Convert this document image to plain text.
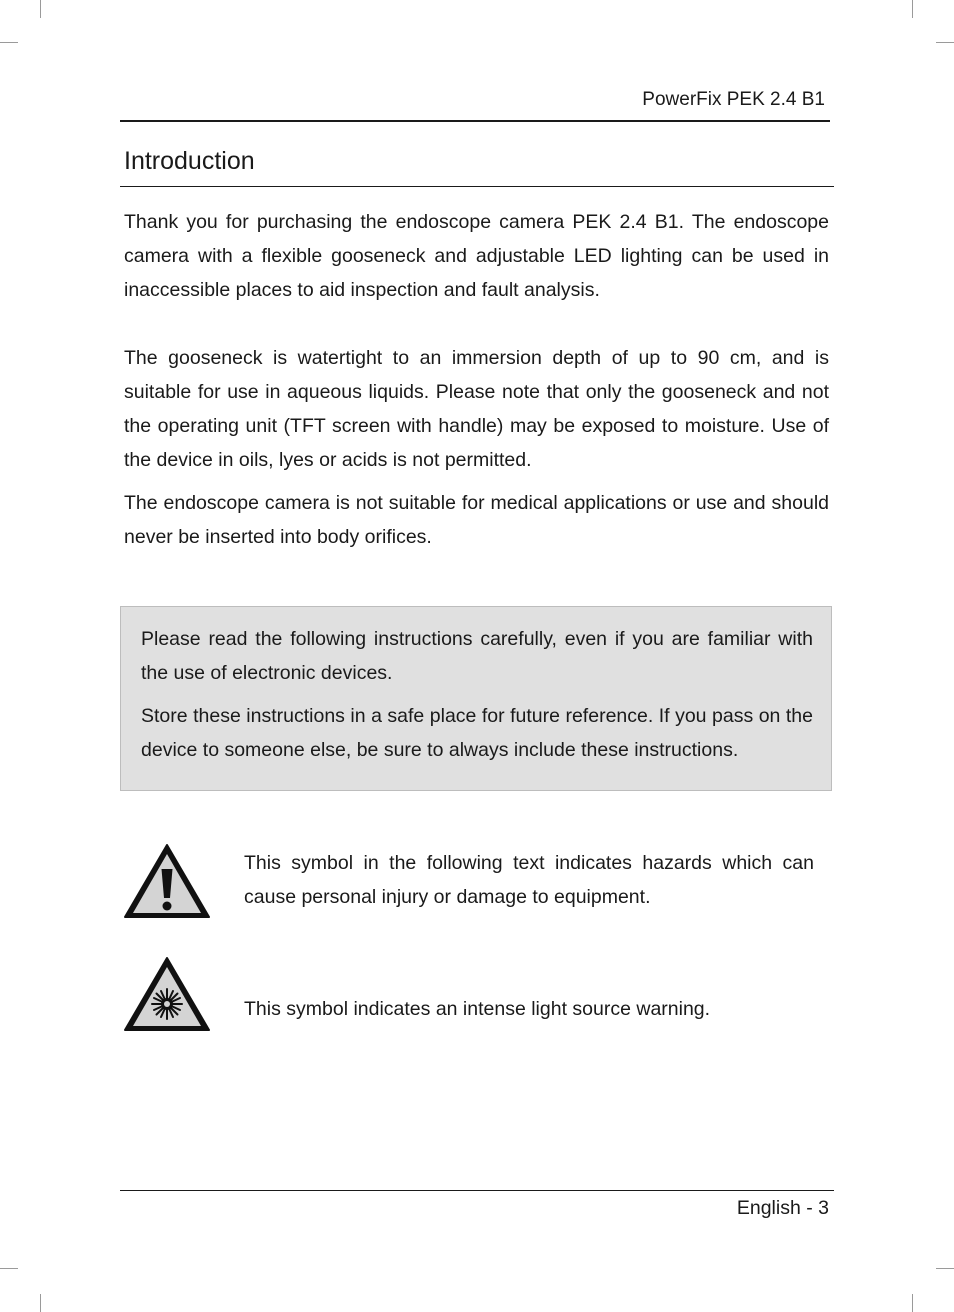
PowerFix PEK 2.4 B1
Introduction

Thank you for purchasing the endoscope camera PEK 2.4 B1. The endoscope camera with a flexible gooseneck and adjustable LED lighting can be used in inaccessible places to aid inspection and fault analysis.

The gooseneck is watertight to an immersion depth of up to 90 cm, and is suitable for use in aqueous liquids. Please note that only the gooseneck and not the operating unit (TFT screen with handle) may be exposed to moisture. Use of the device in oils, lyes or acids is not permitted.

The endoscope camera is not suitable for medical applications or use and should never be inserted into body orifices.

Please read the following instructions carefully, even if you are familiar with the use of electronic devices.

Store these instructions in a safe place for future reference. If you pass on the device to someone else, be sure to always include these instructions.

This symbol in the following text indicates hazards which can cause personal injury or damage to equipment.

This symbol indicates an intense light source warning.

English - 3
